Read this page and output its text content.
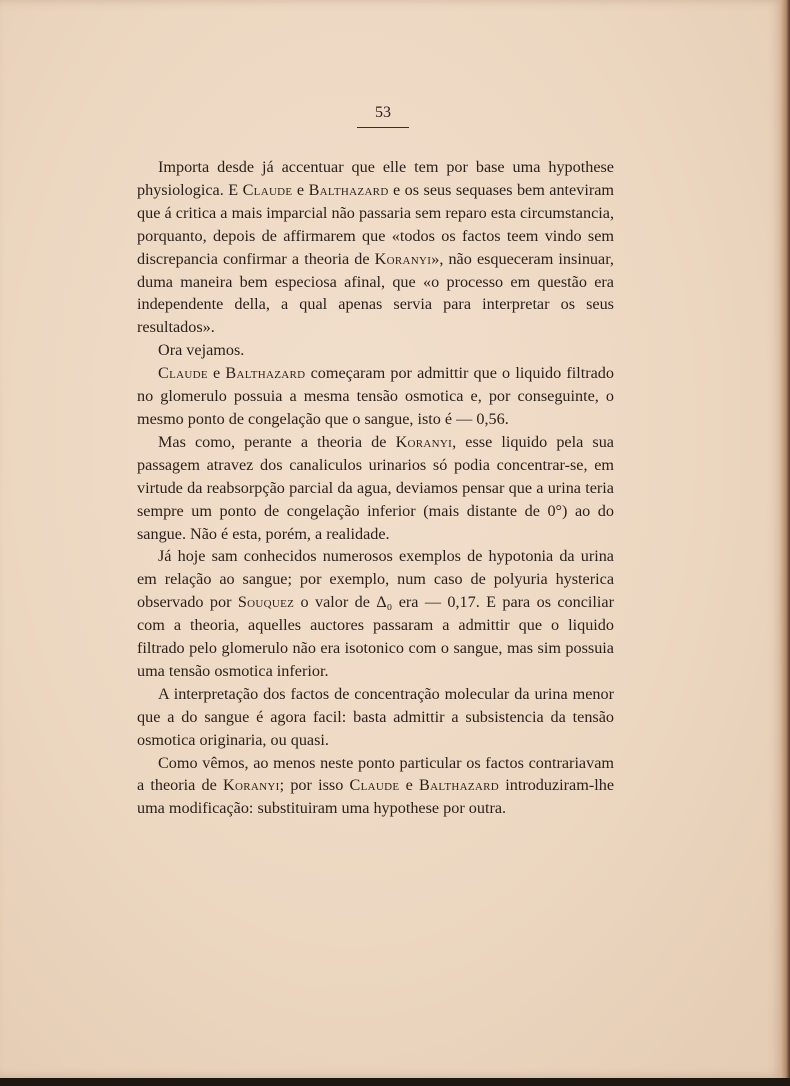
53

Importa desde já accentuar que elle tem por base uma hypothese physiologica. E Claude e Balthazard e os seus sequases bem anteviram que á critica a mais imparcial não passaria sem reparo esta circumstancia, porquanto, depois de affirmarem que «todos os factos teem vindo sem discrepancia confirmar a theoria de Koranyi», não esqueceram insinuar, duma maneira bem especiosa afinal, que «o processo em questão era independente della, a qual apenas servia para interpretar os seus resultados».

Ora vejamos.

Claude e Balthazard começaram por admittir que o liquido filtrado no glomerulo possuia a mesma tensão osmotica e, por conseguinte, o mesmo ponto de congelação que o sangue, isto é — 0,56.

Mas como, perante a theoria de Koranyi, esse liquido pela sua passagem atravez dos canaliculos urinarios só podia concentrar-se, em virtude da reabsorpção parcial da agua, deviamos pensar que a urina teria sempre um ponto de congelação inferior (mais distante de 0°) ao do sangue. Não é esta, porém, a realidade.

Já hoje sam conhecidos numerosos exemplos de hypotonia da urina em relação ao sangue; por exemplo, num caso de polyuria hysterica observado por Souquez o valor de Δ₀ era — 0,17. E para os conciliar com a theoria, aquelles auctores passaram a admittir que o liquido filtrado pelo glomerulo não era isotonico com o sangue, mas sim possuia uma tensão osmotica inferior.

A interpretação dos factos de concentração molecular da urina menor que a do sangue é agora facil: basta admittir a subsistencia da tensão osmotica originaria, ou quasi.

Como vêmos, ao menos neste ponto particular os factos contrariavam a theoria de Koranyi; por isso Claude e Balthazard introduziram-lhe uma modificação: substituiram uma hypothese por outra.
